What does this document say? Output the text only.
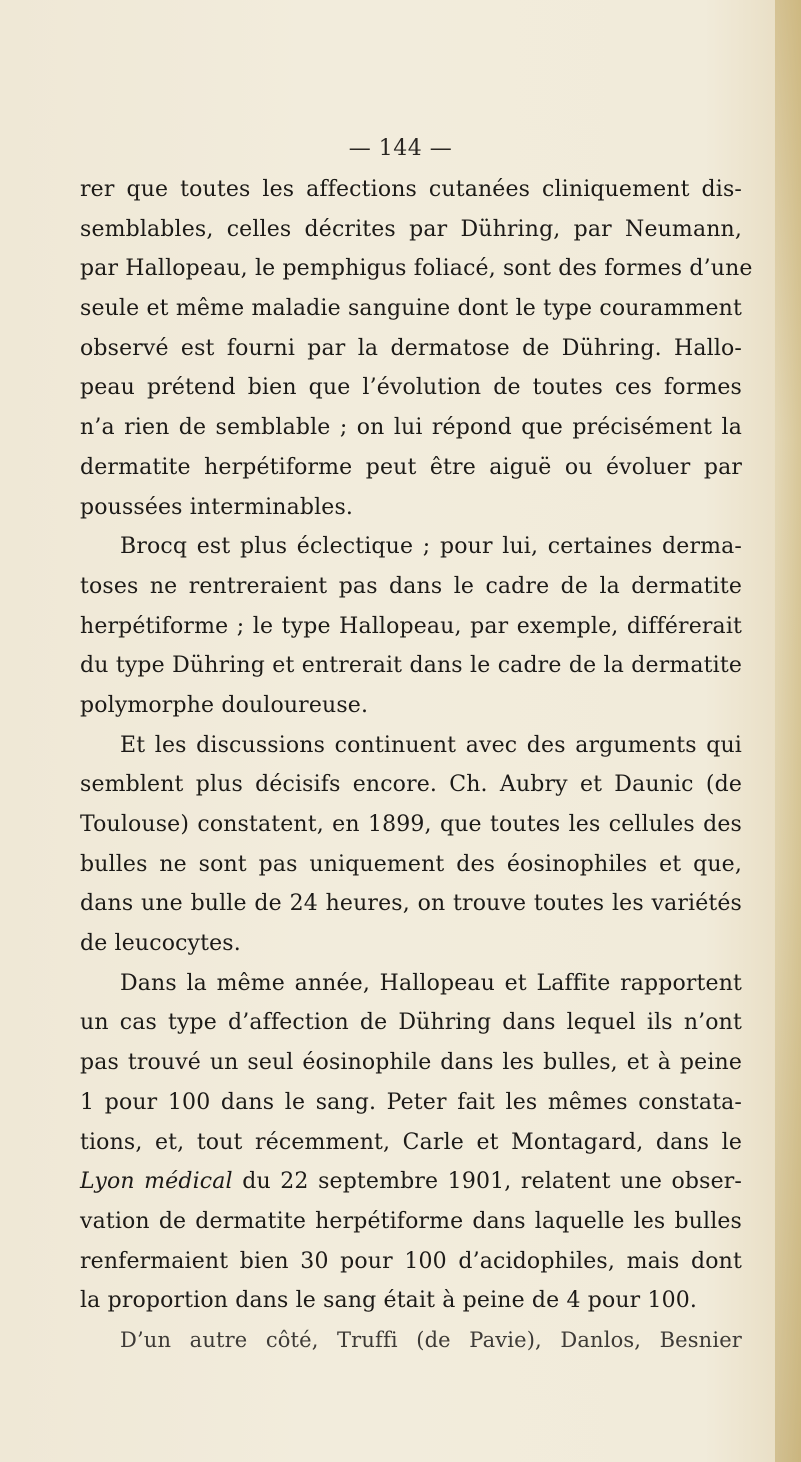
— 144 —
rer que toutes les affections cutanées cliniquement dis-
semblables, celles décrites par Dühring, par Neumann,
par Hallopeau, le pemphigus foliacé, sont des formes d’une
seule et même maladie sanguine dont le type couramment
observé est fourni par la dermatose de Dühring. Hallo-
peau prétend bien que l’évolution de toutes ces formes
n’a rien de semblable ; on lui répond que précisément la
dermatite herpétiforme peut être aiguë ou évoluer par
poussées interminables.
Brocq est plus éclectique ; pour lui, certaines derma-
toses ne rentreraient pas dans le cadre de la dermatite
herpétiforme ; le type Hallopeau, par exemple, différerait
du type Dühring et entrerait dans le cadre de la dermatite
polymorphe douloureuse.
Et les discussions continuent avec des arguments qui
semblent plus décisifs encore. Ch. Aubry et Daunic (de
Toulouse) constatent, en 1899, que toutes les cellules des
bulles ne sont pas uniquement des éosinophiles et que,
dans une bulle de 24 heures, on trouve toutes les variétés
de leucocytes.
Dans la même année, Hallopeau et Laffite rapportent
un cas type d’affection de Dühring dans lequel ils n’ont
pas trouvé un seul éosinophile dans les bulles, et à peine
1 pour 100 dans le sang. Peter fait les mêmes constata-
tions, et, tout récemment, Carle et Montagard, dans le
Lyon médical du 22 septembre 1901, relatent une obser-
vation de dermatite herpétiforme dans laquelle les bulles
renfermaient bien 30 pour 100 d’acidophiles, mais dont
la proportion dans le sang était à peine de 4 pour 100.
D’un autre côté, Truffi (de Pavie), Danlos, Besnier
